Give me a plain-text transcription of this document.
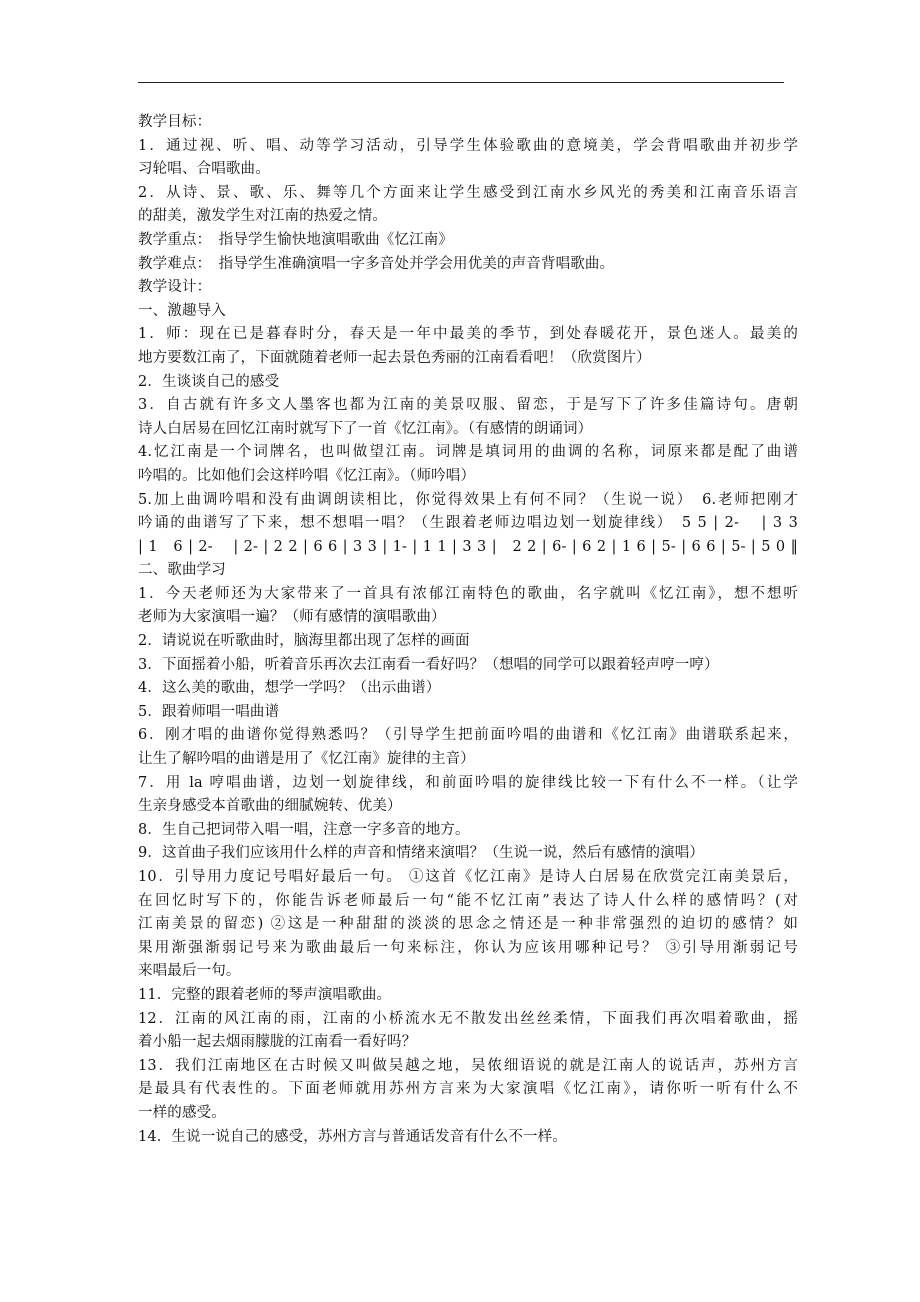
教学目标：
1．通过视、听、唱、动等学习活动，引导学生体验歌曲的意境美，学会背唱歌曲并初步学
习轮唱、合唱歌曲。
2．从诗、景、歌、乐、舞等几个方面来让学生感受到江南水乡风光的秀美和江南音乐语言
的甜美，激发学生对江南的热爱之情。
教学重点：　指导学生愉快地演唱歌曲《忆江南》
教学难点：　指导学生准确演唱一字多音处并学会用优美的声音背唱歌曲。
教学设计：
一、激趣导入
1．师：现在已是暮春时分，春天是一年中最美的季节，到处春暖花开，景色迷人。最美的
地方要数江南了，下面就随着老师一起去景色秀丽的江南看看吧！（欣赏图片）
2．生谈谈自己的感受
3．自古就有许多文人墨客也都为江南的美景叹服、留恋，于是写下了许多佳篇诗句。唐朝
诗人白居易在回忆江南时就写下了一首《忆江南》。（有感情的朗诵词）
4.忆江南是一个词牌名，也叫做望江南。词牌是填词用的曲调的名称，词原来都是配了曲谱
吟唱的。比如他们会这样吟唱《忆江南》。（师吟唱）
5.加上曲调吟唱和没有曲调朗读相比，你觉得效果上有何不同？（生说一说）　6.老师把刚才
吟诵的曲谱写了下来，想不想唱一唱？（生跟着老师边唱边划一划旋律线）　5 5 | 2- 　| 3 3
| 1　6 | 2- 　| 2- | 2 2 | 6 6 | 3 3 | 1- | 1 1 | 3 3 |　2 2 | 6- | 6 2 | 1 6 | 5- | 6 6 | 5- | 5 0 ‖
二、歌曲学习
1．今天老师还为大家带来了一首具有浓郁江南特色的歌曲，名字就叫《忆江南》，想不想听
老师为大家演唱一遍？（师有感情的演唱歌曲）
2．请说说在听歌曲时，脑海里都出现了怎样的画面
3．下面摇着小船，听着音乐再次去江南看一看好吗？（想唱的同学可以跟着轻声哼一哼）
4．这么美的歌曲，想学一学吗？（出示曲谱）
5．跟着师唱一唱曲谱
6．刚才唱的曲谱你觉得熟悉吗？（引导学生把前面吟唱的曲谱和《忆江南》曲谱联系起来，
让生了解吟唱的曲谱是用了《忆江南》旋律的主音）
7．用 la 哼唱曲谱，边划一划旋律线，和前面吟唱的旋律线比较一下有什么不一样。（让学
生亲身感受本首歌曲的细腻婉转、优美）
8．生自己把词带入唱一唱，注意一字多音的地方。
9．这首曲子我们应该用什么样的声音和情绪来演唱？（生说一说，然后有感情的演唱）
10．引导用力度记号唱好最后一句。 ①这首《忆江南》是诗人白居易在欣赏完江南美景后，
在回忆时写下的，你能告诉老师最后一句“能不忆江南”表达了诗人什么样的感情吗？(对
江南美景的留恋) ②这是一种甜甜的淡淡的思念之情还是一种非常强烈的迫切的感情？如
果用渐强渐弱记号来为歌曲最后一句来标注，你认为应该用哪种记号？ ③引导用渐弱记号
来唱最后一句。
11．完整的跟着老师的琴声演唱歌曲。
12．江南的风江南的雨，江南的小桥流水无不散发出丝丝柔情，下面我们再次唱着歌曲，摇
着小船一起去烟雨朦胧的江南看一看好吗？
13．我们江南地区在古时候又叫做吴越之地，吴侬细语说的就是江南人的说话声，苏州方言
是最具有代表性的。下面老师就用苏州方言来为大家演唱《忆江南》，请你听一听有什么不
一样的感受。
14．生说一说自己的感受，苏州方言与普通话发音有什么不一样。
